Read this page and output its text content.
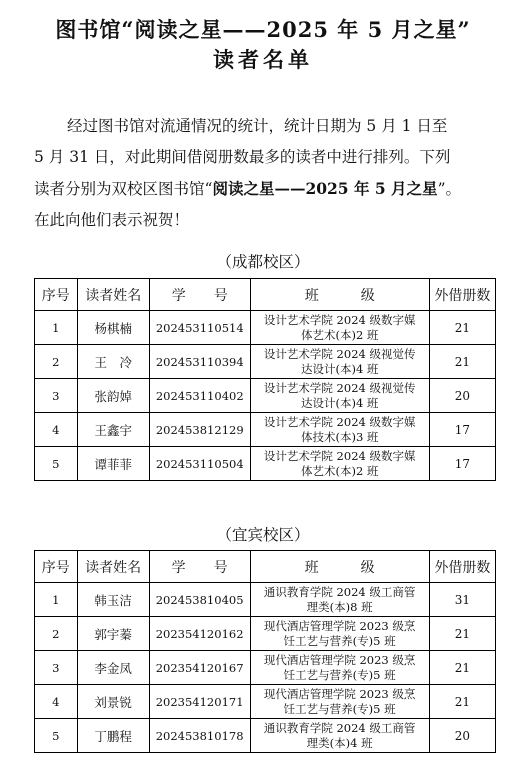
图书馆“阅读之星——2025 年 5 月之星”
读者名单
经过图书馆对流通情况的统计，统计日期为 5 月 1 日至
5 月 31 日，对此期间借阅册数最多的读者中进行排列。下列
读者分别为双校区图书馆“阅读之星——2025 年 5 月之星”。
在此向他们表示祝贺！
（成都校区）
序号	读者姓名	学　　号	班　　　级	外借册数
1	杨棋楠	202453110514	设计艺术学院 2024 级数字媒体艺术(本)2 班	21
2	王　冷	202453110394	设计艺术学院 2024 级视觉传达设计(本)4 班	21
3	张韵婥	202453110402	设计艺术学院 2024 级视觉传达设计(本)4 班	20
4	王鑫宇	202453812129	设计艺术学院 2024 级数字媒体技术(本)3 班	17
5	谭菲菲	202453110504	设计艺术学院 2024 级数字媒体艺术(本)2 班	17
（宜宾校区）
序号	读者姓名	学　　号	班　　　级	外借册数
1	韩玉洁	202453810405	通识教育学院 2024 级工商管理类(本)8 班	31
2	郭宇蓁	202354120162	现代酒店管理学院 2023 级烹饪工艺与营养(专)5 班	21
3	李金凤	202354120167	现代酒店管理学院 2023 级烹饪工艺与营养(专)5 班	21
4	刘景锐	202354120171	现代酒店管理学院 2023 级烹饪工艺与营养(专)5 班	21
5	丁鹏程	202453810178	通识教育学院 2024 级工商管理类(本)4 班	20
